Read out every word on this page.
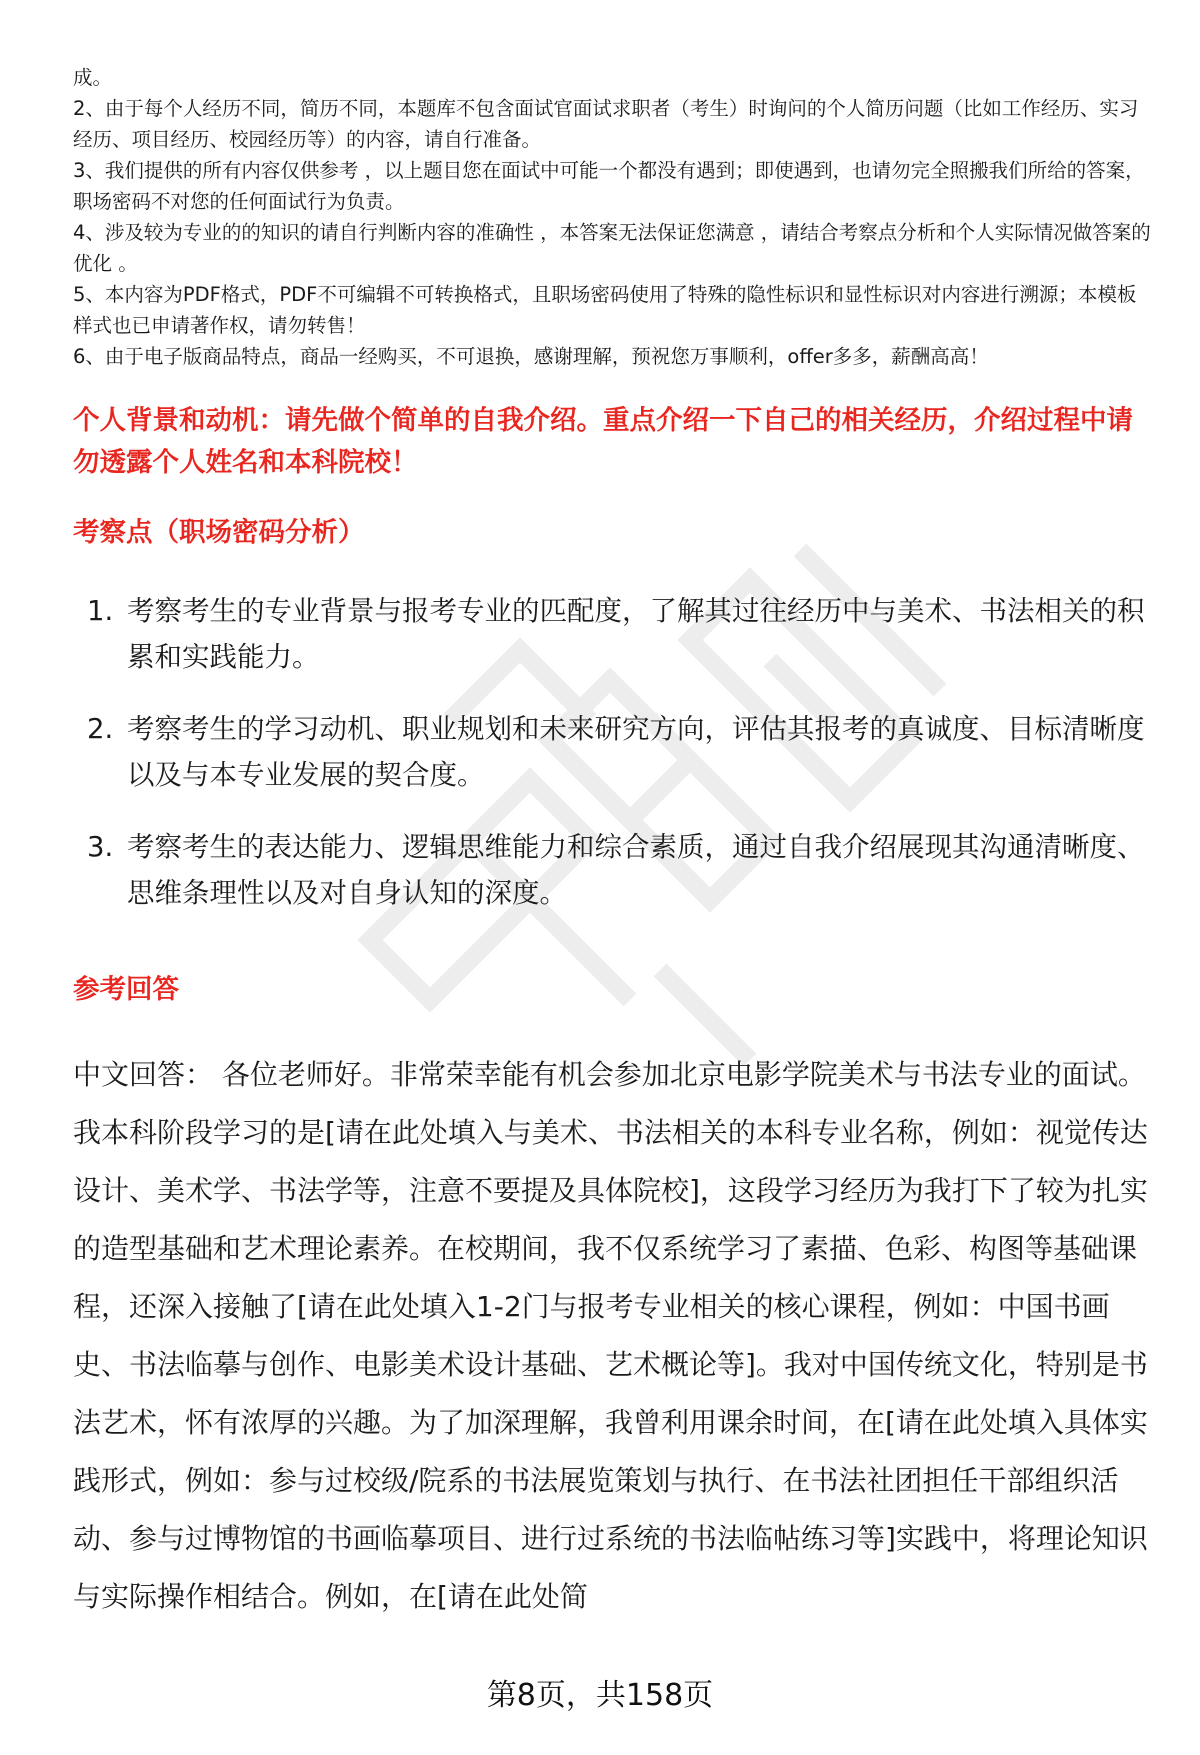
成。

2、由于每个人经历不同，简历不同，本题库不包含面试官面试求职者（考生）时询问的个人简历问题（比如工作经历、实习经历、项目经历、校园经历等）的内容，请自行准备。

3、我们提供的所有内容仅供参考 ，以上题目您在面试中可能一个都没有遇到；即使遇到，也请勿完全照搬我们所给的答案，职场密码不对您的任何面试行为负责。

4、涉及较为专业的的知识的请自行判断内容的准确性 ，本答案无法保证您满意 ，请结合考察点分析和个人实际情况做答案的优化 。

5、本内容为PDF格式，PDF不可编辑不可转换格式，且职场密码使用了特殊的隐性标识和显性标识对内容进行溯源；本模板样式也已申请著作权，请勿转售！

6、由于电子版商品特点，商品一经购买，不可退换，感谢理解，预祝您万事顺利，offer多多，薪酬高高！

个人背景和动机：请先做个简单的自我介绍。重点介绍一下自己的相关经历，介绍过程中请勿透露个人姓名和本科院校！
考察点（职场密码分析）
1. 考察考生的专业背景与报考专业的匹配度，了解其过往经历中与美术、书法相关的积累和实践能力。
2. 考察考生的学习动机、职业规划和未来研究方向，评估其报考的真诚度、目标清晰度以及与本专业发展的契合度。
3. 考察考生的表达能力、逻辑思维能力和综合素质，通过自我介绍展现其沟通清晰度、思维条理性以及对自身认知的深度。
参考回答

中文回答： 各位老师好。非常荣幸能有机会参加北京电影学院美术与书法专业的面试。我本科阶段学习的是[请在此处填入与美术、书法相关的本科专业名称，例如：视觉传达设计、美术学、书法学等，注意不要提及具体院校]，这段学习经历为我打下了较为扎实的造型基础和艺术理论素养。在校期间，我不仅系统学习了素描、色彩、构图等基础课程，还深入接触了[请在此处填入1-2门与报考专业相关的核心课程，例如：中国书画史、书法临摹与创作、电影美术设计基础、艺术概论等]。我对中国传统文化，特别是书法艺术，怀有浓厚的兴趣。为了加深理解，我曾利用课余时间，在[请在此处填入具体实践形式，例如：参与过校级/院系的书法展览策划与执行、在书法社团担任干部组织活动、参与过博物馆的书画临摹项目、进行过系统的书法临帖练习等]实践中，将理论知识与实际操作相结合。例如，在[请在此处简

第8页，共158页
